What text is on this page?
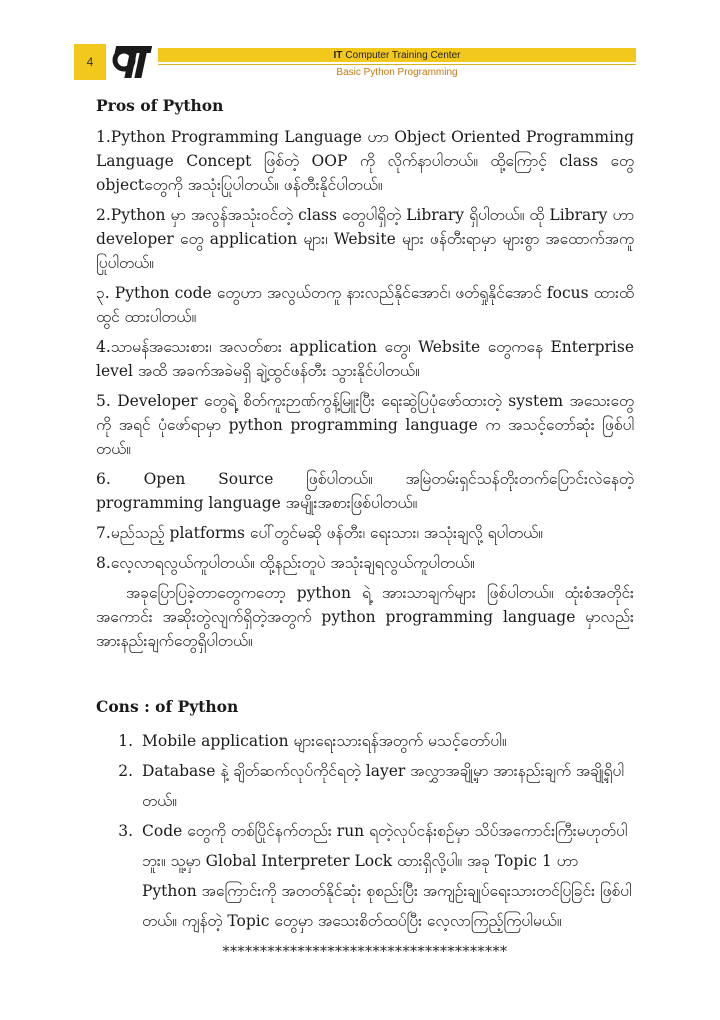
4	IT Computer Training Center
Basic Python Programming

Pros of Python

1.Python Programming Language ဟာ Object Oriented Programming Language Concept ဖြစ်တဲ့ OOP ကို လိုက်နာပါတယ်။ ထို့ကြောင့် class တွေ objectတွေကို အသုံးပြုပါတယ်။ ဖန်တီးနိုင်ပါတယ်။

2.Python မှာ အလွန်အသုံးဝင်တဲ့ class တွေပါရှိတဲ့ Library ရှိပါတယ်။ ထို Library ဟာ developer တွေ application များ၊ Website များ ဖန်တီးရာမှာ များစွာ အထောက်အကူပြုပါတယ်။

၃. Python code တွေဟာ အလွယ်တကူ နားလည်နိုင်အောင်၊ ဖတ်ရှုနိုင်အောင် focus ထားထိထွင် ထားပါတယ်။

4.သာမန်အသေးစား၊ အလတ်စား application တွေ၊ Website တွေကနေ Enterprise level အထိ အခက်အခဲမရှိ ချဲ့ထွင်ဖန်တီး သွားနိုင်ပါတယ်။

5. Developer တွေရဲ့ စိတ်ကူးဉာဏ်ကွန့်မြူးပြီး ရေးဆွဲပြပုံဖော်ထားတဲ့ system အသေးတွေကို အရင် ပုံဖော်ရာမှာ python programming language က အသင့်တော်ဆုံး ဖြစ်ပါတယ်။

6. Open Source ဖြစ်ပါတယ်။ အမြဲတမ်းရှင်သန်တိုးတက်ပြောင်းလဲနေတဲ့ programming language အမျိုးအစားဖြစ်ပါတယ်။

7.မည်သည့် platforms ပေါ်တွင်မဆို ဖန်တီး၊ ရေးသား၊ အသုံးချလို့ ရပါတယ်။

8.လေ့လာရလွယ်ကူပါတယ်။ ထို့နည်းတူပဲ အသုံးချရလွယ်ကူပါတယ်။

အခုပြောပြခဲ့တာတွေကတော့ python ရဲ့ အားသာချက်များ ဖြစ်ပါတယ်။ ထုံးစံအတိုင်း အကောင်း အဆိုးတွဲလျက်ရှိတဲ့အတွက် python programming language မှာလည်း အားနည်းချက်တွေရှိပါတယ်။

Cons : of Python

1. Mobile application များရေးသားရန်အတွက် မသင့်တော်ပါ။
2. Database နဲ့ ချိတ်ဆက်လုပ်ကိုင်ရတဲ့ layer အလွှာအချို့မှာ အားနည်းချက် အချို့ရှိပါတယ်။
3. Code တွေကို တစ်ပြိုင်နက်တည်း run ရတဲ့လုပ်ငန်းစဉ်မှာ သိပ်အကောင်းကြီးမဟုတ်ပါဘူး။ သူ့မှာ Global Interpreter Lock ထားရှိလို့ပါ။ အခု Topic 1 ဟာ Python အကြောင်းကို အတတ်နိုင်ဆုံး စုစည်းပြီး အကျဉ်းချုပ်ရေးသားတင်ပြခြင်း ဖြစ်ပါတယ်။ ကျန်တဲ့ Topic တွေမှာ အသေးစိတ်ထပ်ပြီး လေ့လာကြည့်ကြပါမယ်။
**************************************
